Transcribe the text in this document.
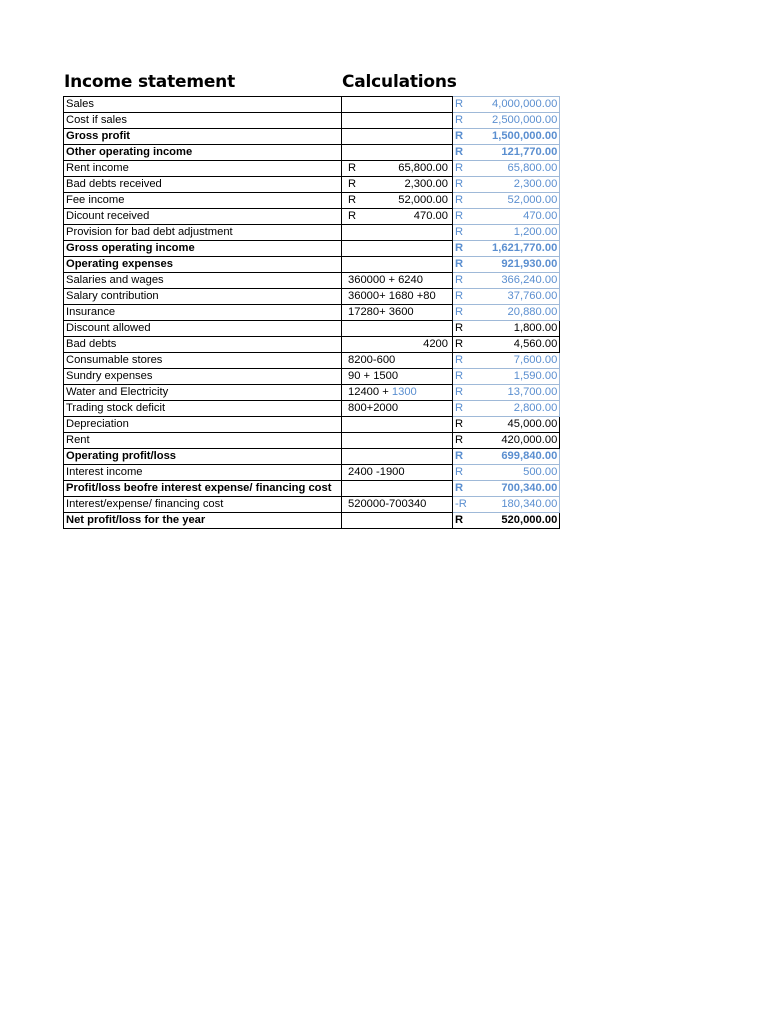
Income statement	Calculations
Sales		R	4,000,000.00
Cost if sales		R	2,500,000.00
Gross profit		R	1,500,000.00
Other operating income		R	121,770.00
Rent income	R 65,800.00	R	65,800.00
Bad debts received	R 2,300.00	R	2,300.00
Fee income	R 52,000.00	R	52,000.00
Dicount received	R 470.00	R	470.00
Provision for bad debt adjustment		R	1,200.00
Gross operating income		R	1,621,770.00
Operating expenses		R	921,930.00
Salaries and wages	360000 + 6240	R	366,240.00
Salary contribution	36000+ 1680 +80	R	37,760.00
Insurance	17280+ 3600	R	20,880.00
Discount allowed		R	1,800.00
Bad debts	4200	R	4,560.00
Consumable stores	8200-600	R	7,600.00
Sundry expenses	90 + 1500	R	1,590.00
Water and Electricity	12400 + 1300	R	13,700.00
Trading stock deficit	800+2000	R	2,800.00
Depreciation		R	45,000.00
Rent		R	420,000.00
Operating profit/loss		R	699,840.00
Interest income	2400 -1900	R	500.00
Profit/loss beofre interest expense/ financing cost		R	700,340.00
Interest/expense/ financing cost	520000-700340	-R	180,340.00
Net profit/loss for the year		R	520,000.00
